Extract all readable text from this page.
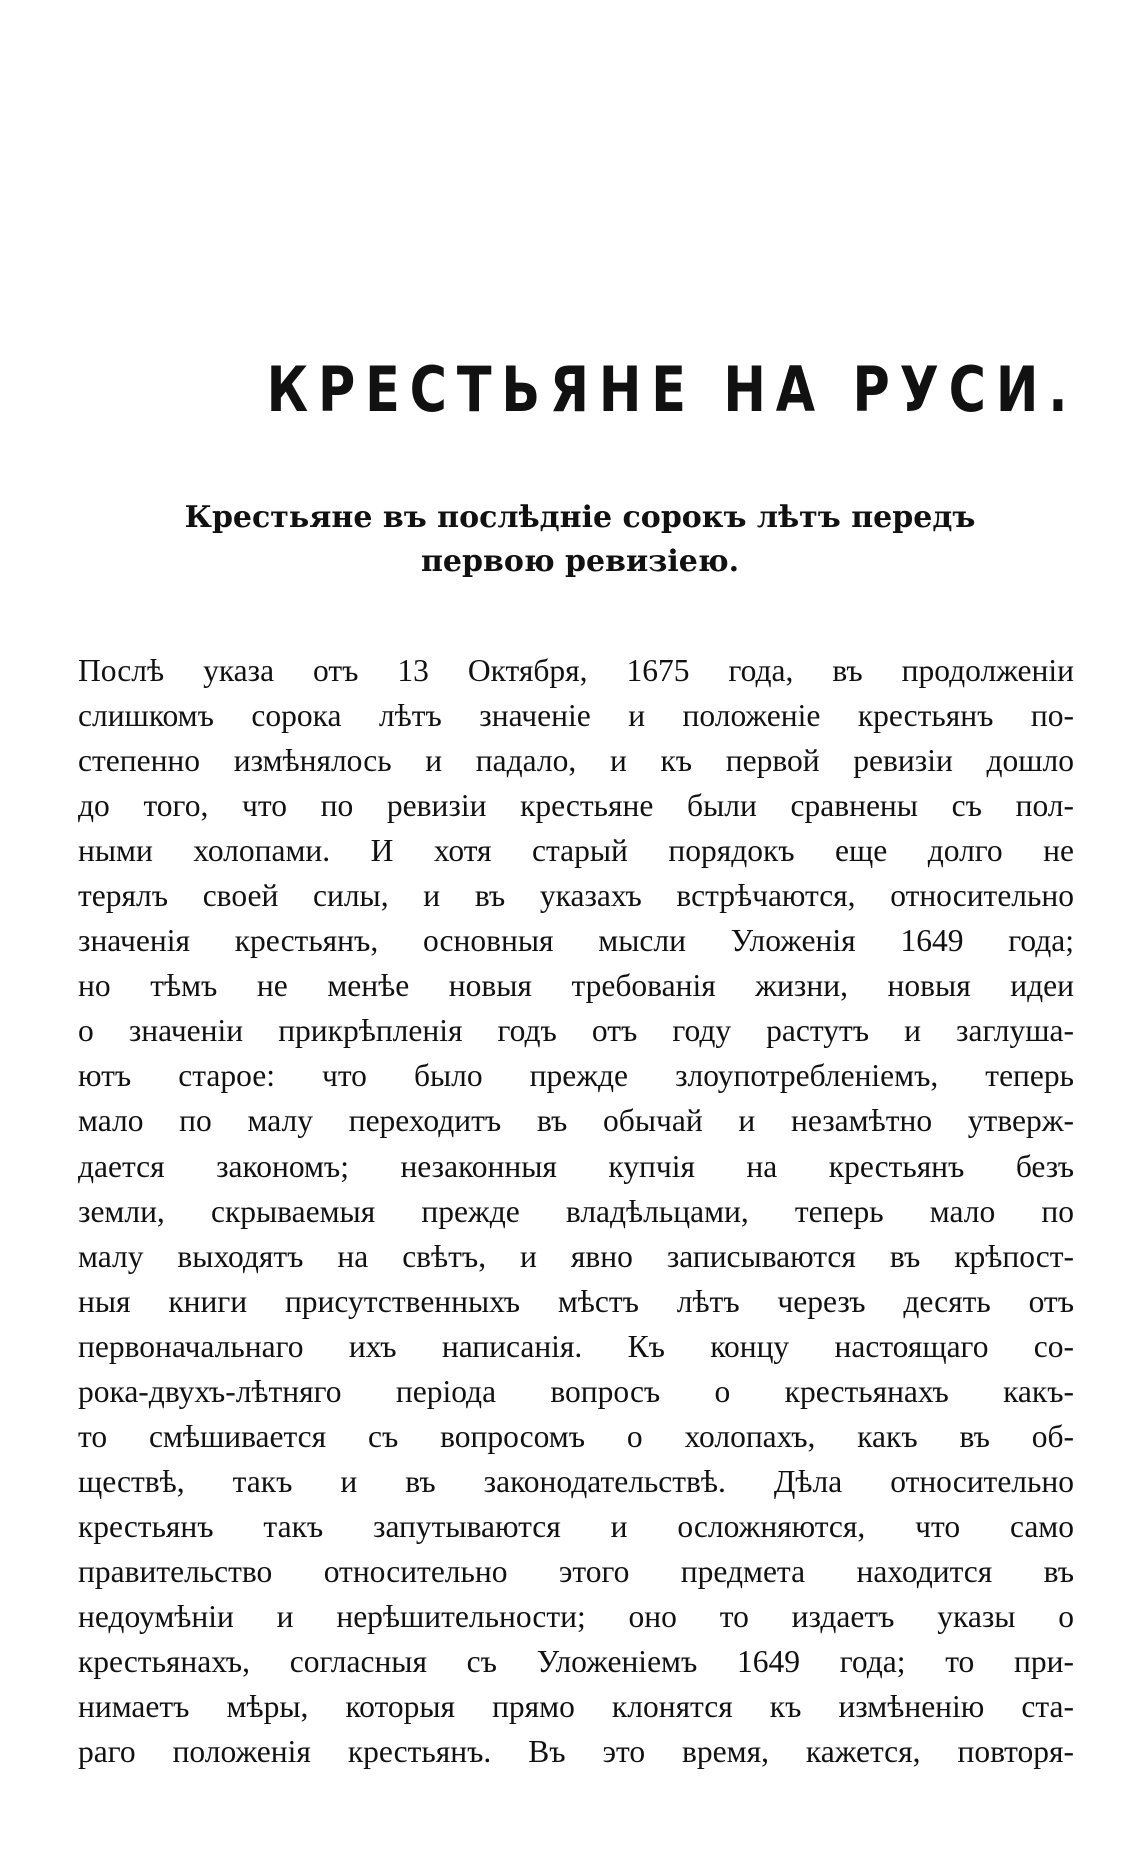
КРЕСТЬЯНЕ НА РУСИ.
Крестьяне въ послѣдніе сорокъ лѣтъ передъ
первою ревизіею.
Послѣ указа отъ 13 Октября, 1675 года, въ продолженіи
слишкомъ сорока лѣтъ значеніе и положеніе крестьянъ по-
степенно измѣнялось и падало, и къ первой ревизіи дошло
до того, что по ревизіи крестьяне были сравнены съ пол-
ными холопами. И хотя старый порядокъ еще долго не
терялъ своей силы, и въ указахъ встрѣчаются, относительно
значенія крестьянъ, основныя мысли Уложенія 1649 года;
но тѣмъ не менѣе новыя требованія жизни, новыя идеи
о значеніи прикрѣпленія годъ отъ году растутъ и заглуша-
ютъ старое: что было прежде злоупотребленіемъ, теперь
мало по малу переходитъ въ обычай и незамѣтно утверж-
дается закономъ; незаконныя купчія на крестьянъ безъ
земли, скрываемыя прежде владѣльцами, теперь мало по
малу выходятъ на свѣтъ, и явно записываются въ крѣпост-
ныя книги присутственныхъ мѣстъ лѣтъ черезъ десять отъ
первоначальнаго ихъ написанія. Къ концу настоящаго со-
рока-двухъ-лѣтняго періода вопросъ о крестьянахъ какъ-
то смѣшивается съ вопросомъ о холопахъ, какъ въ об-
ществѣ, такъ и въ законодательствѣ. Дѣла относительно
крестьянъ такъ запутываются и осложняются, что само
правительство относительно этого предмета находится въ
недоумѣніи и нерѣшительности; оно то издаетъ указы о
крестьянахъ, согласныя съ Уложеніемъ 1649 года; то при-
нимаетъ мѣры, которыя прямо клонятся къ измѣненію ста-
раго положенія крестьянъ. Въ это время, кажется, повторя-
